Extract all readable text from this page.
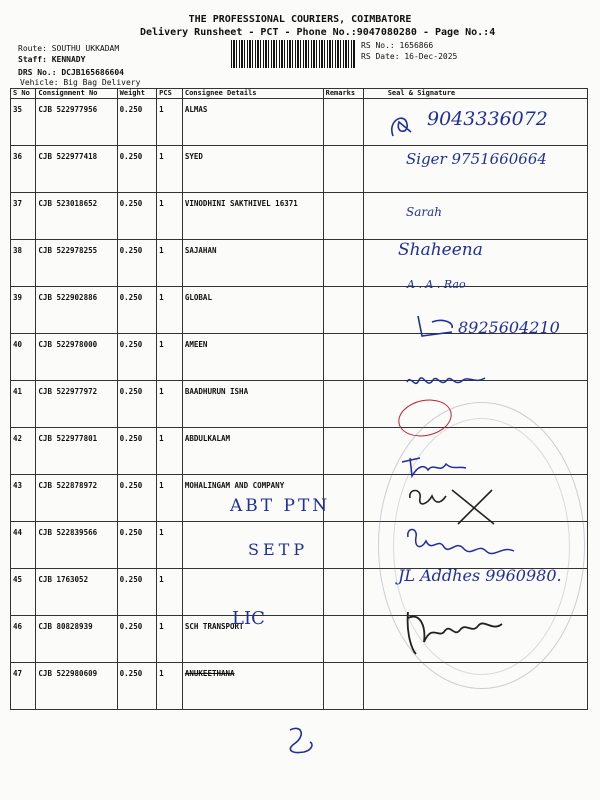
THE PROFESSIONAL COURIERS, COIMBATORE
Delivery Runsheet - PCT - Phone No.:9047080280 - Page No.:4
Route: SOUTHU UKKADAM
Staff: KENNADY
DRS No.: DCJB165686604
Vehicle: Big Bag Delivery
RS No.: 1656866
RS Date: 16-Dec-2025
S No	Consignment No	Weight	PCS	Consignee Details	Remarks	Seal & Signature
35	CJB 522977956	0.250	1	ALMAS		
36	CJB 522977418	0.250	1	SYED		
37	CJB 523018652	0.250	1	VINODHINI SAKTHIVEL 16371		
38	CJB 522978255	0.250	1	SAJAHAN		
39	CJB 522902886	0.250	1	GLOBAL		
40	CJB 522978000	0.250	1	AMEEN		
41	CJB 522977972	0.250	1	BAADHURUN ISHA		
42	CJB 522977801	0.250	1	ABDULKALAM		
43	CJB 522878972	0.250	1	MOHALINGAM AND COMPANY		
44	CJB 522839566	0.250	1			
45	CJB 1763052	0.250	1			
46	CJB 80828939	0.250	1	SCH TRANSPORT		
47	CJB 522980609	0.250	1	ANUKEETHANA		
9043336072
Siger 9751660664
Sarah
Shaheena
A . A . Rao
8925604210
ABT PTN
SETP
JL Addhes 9960980.
LIC
